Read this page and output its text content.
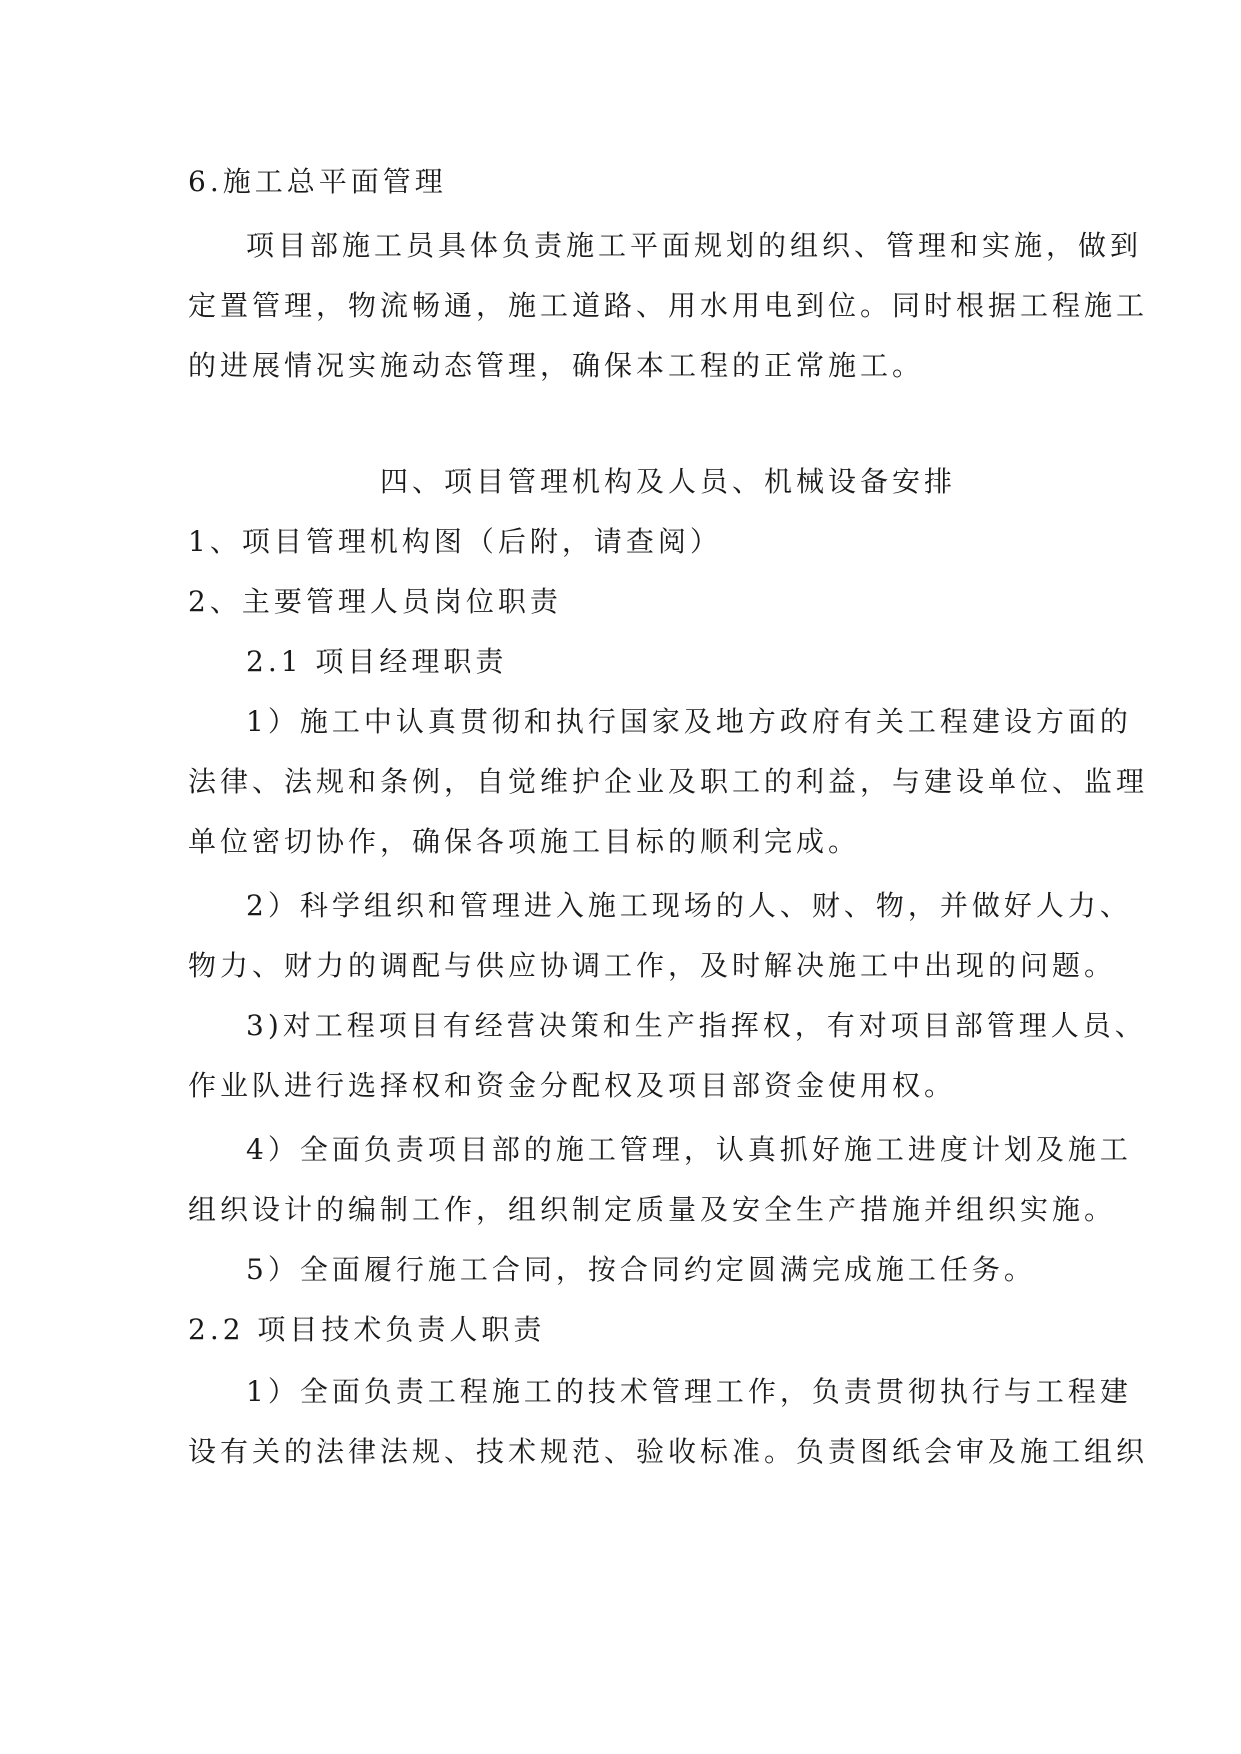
6.施工总平面管理
项目部施工员具体负责施工平面规划的组织、管理和实施，做到
定置管理，物流畅通，施工道路、用水用电到位。同时根据工程施工
的进展情况实施动态管理，确保本工程的正常施工。
四、项目管理机构及人员、机械设备安排
1、项目管理机构图（后附，请查阅）
2、主要管理人员岗位职责
2.1 项目经理职责
1）施工中认真贯彻和执行国家及地方政府有关工程建设方面的
法律、法规和条例，自觉维护企业及职工的利益，与建设单位、监理
单位密切协作，确保各项施工目标的顺利完成。
2）科学组织和管理进入施工现场的人、财、物，并做好人力、
物力、财力的调配与供应协调工作，及时解决施工中出现的问题。
3)对工程项目有经营决策和生产指挥权，有对项目部管理人员、
作业队进行选择权和资金分配权及项目部资金使用权。
4）全面负责项目部的施工管理，认真抓好施工进度计划及施工
组织设计的编制工作，组织制定质量及安全生产措施并组织实施。
5）全面履行施工合同，按合同约定圆满完成施工任务。
2.2 项目技术负责人职责
1）全面负责工程施工的技术管理工作，负责贯彻执行与工程建
设有关的法律法规、技术规范、验收标准。负责图纸会审及施工组织
